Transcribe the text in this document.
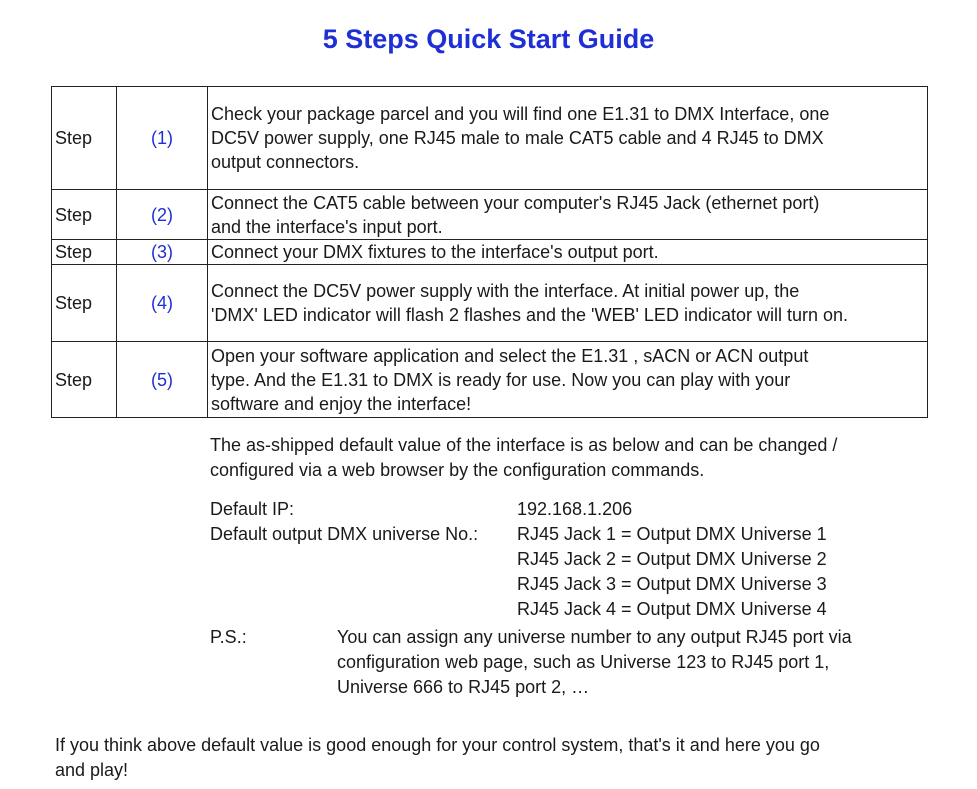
5 Steps Quick Start Guide
Step	(1)	Check your package parcel and you will find one E1.31 to DMX Interface, one
DC5V power supply, one RJ45 male to male CAT5 cable and 4 RJ45 to DMX
output connectors.

Step	(2)	Connect the CAT5 cable between your computer's RJ45 Jack (ethernet port)
and the interface's input port.

Step	(3)	Connect your DMX fixtures to the interface's output port.

Step	(4)	Connect the DC5V power supply with the interface. At initial power up, the
'DMX' LED indicator will flash 2 flashes and the 'WEB' LED indicator will turn on.

Step	(5)	Open your software application and select the E1.31 , sACN or ACN output
type. And the E1.31 to DMX is ready for use. Now you can play with your
software and enjoy the interface!
The as-shipped default value of the interface is as below and can be changed /
configured via a web browser by the configuration commands.
Default IP:	192.168.1.206
Default output DMX universe No.: RJ45 Jack 1 = Output DMX Universe 1
RJ45 Jack 2 = Output DMX Universe 2
RJ45 Jack 3 = Output DMX Universe 3
RJ45 Jack 4 = Output DMX Universe 4
P.S.:	You can assign any universe number to any output RJ45 port via
configuration web page, such as Universe 123 to RJ45 port 1,
Universe 666 to RJ45 port 2, …
If you think above default value is good enough for your control system, that's it and here you go
and play!
